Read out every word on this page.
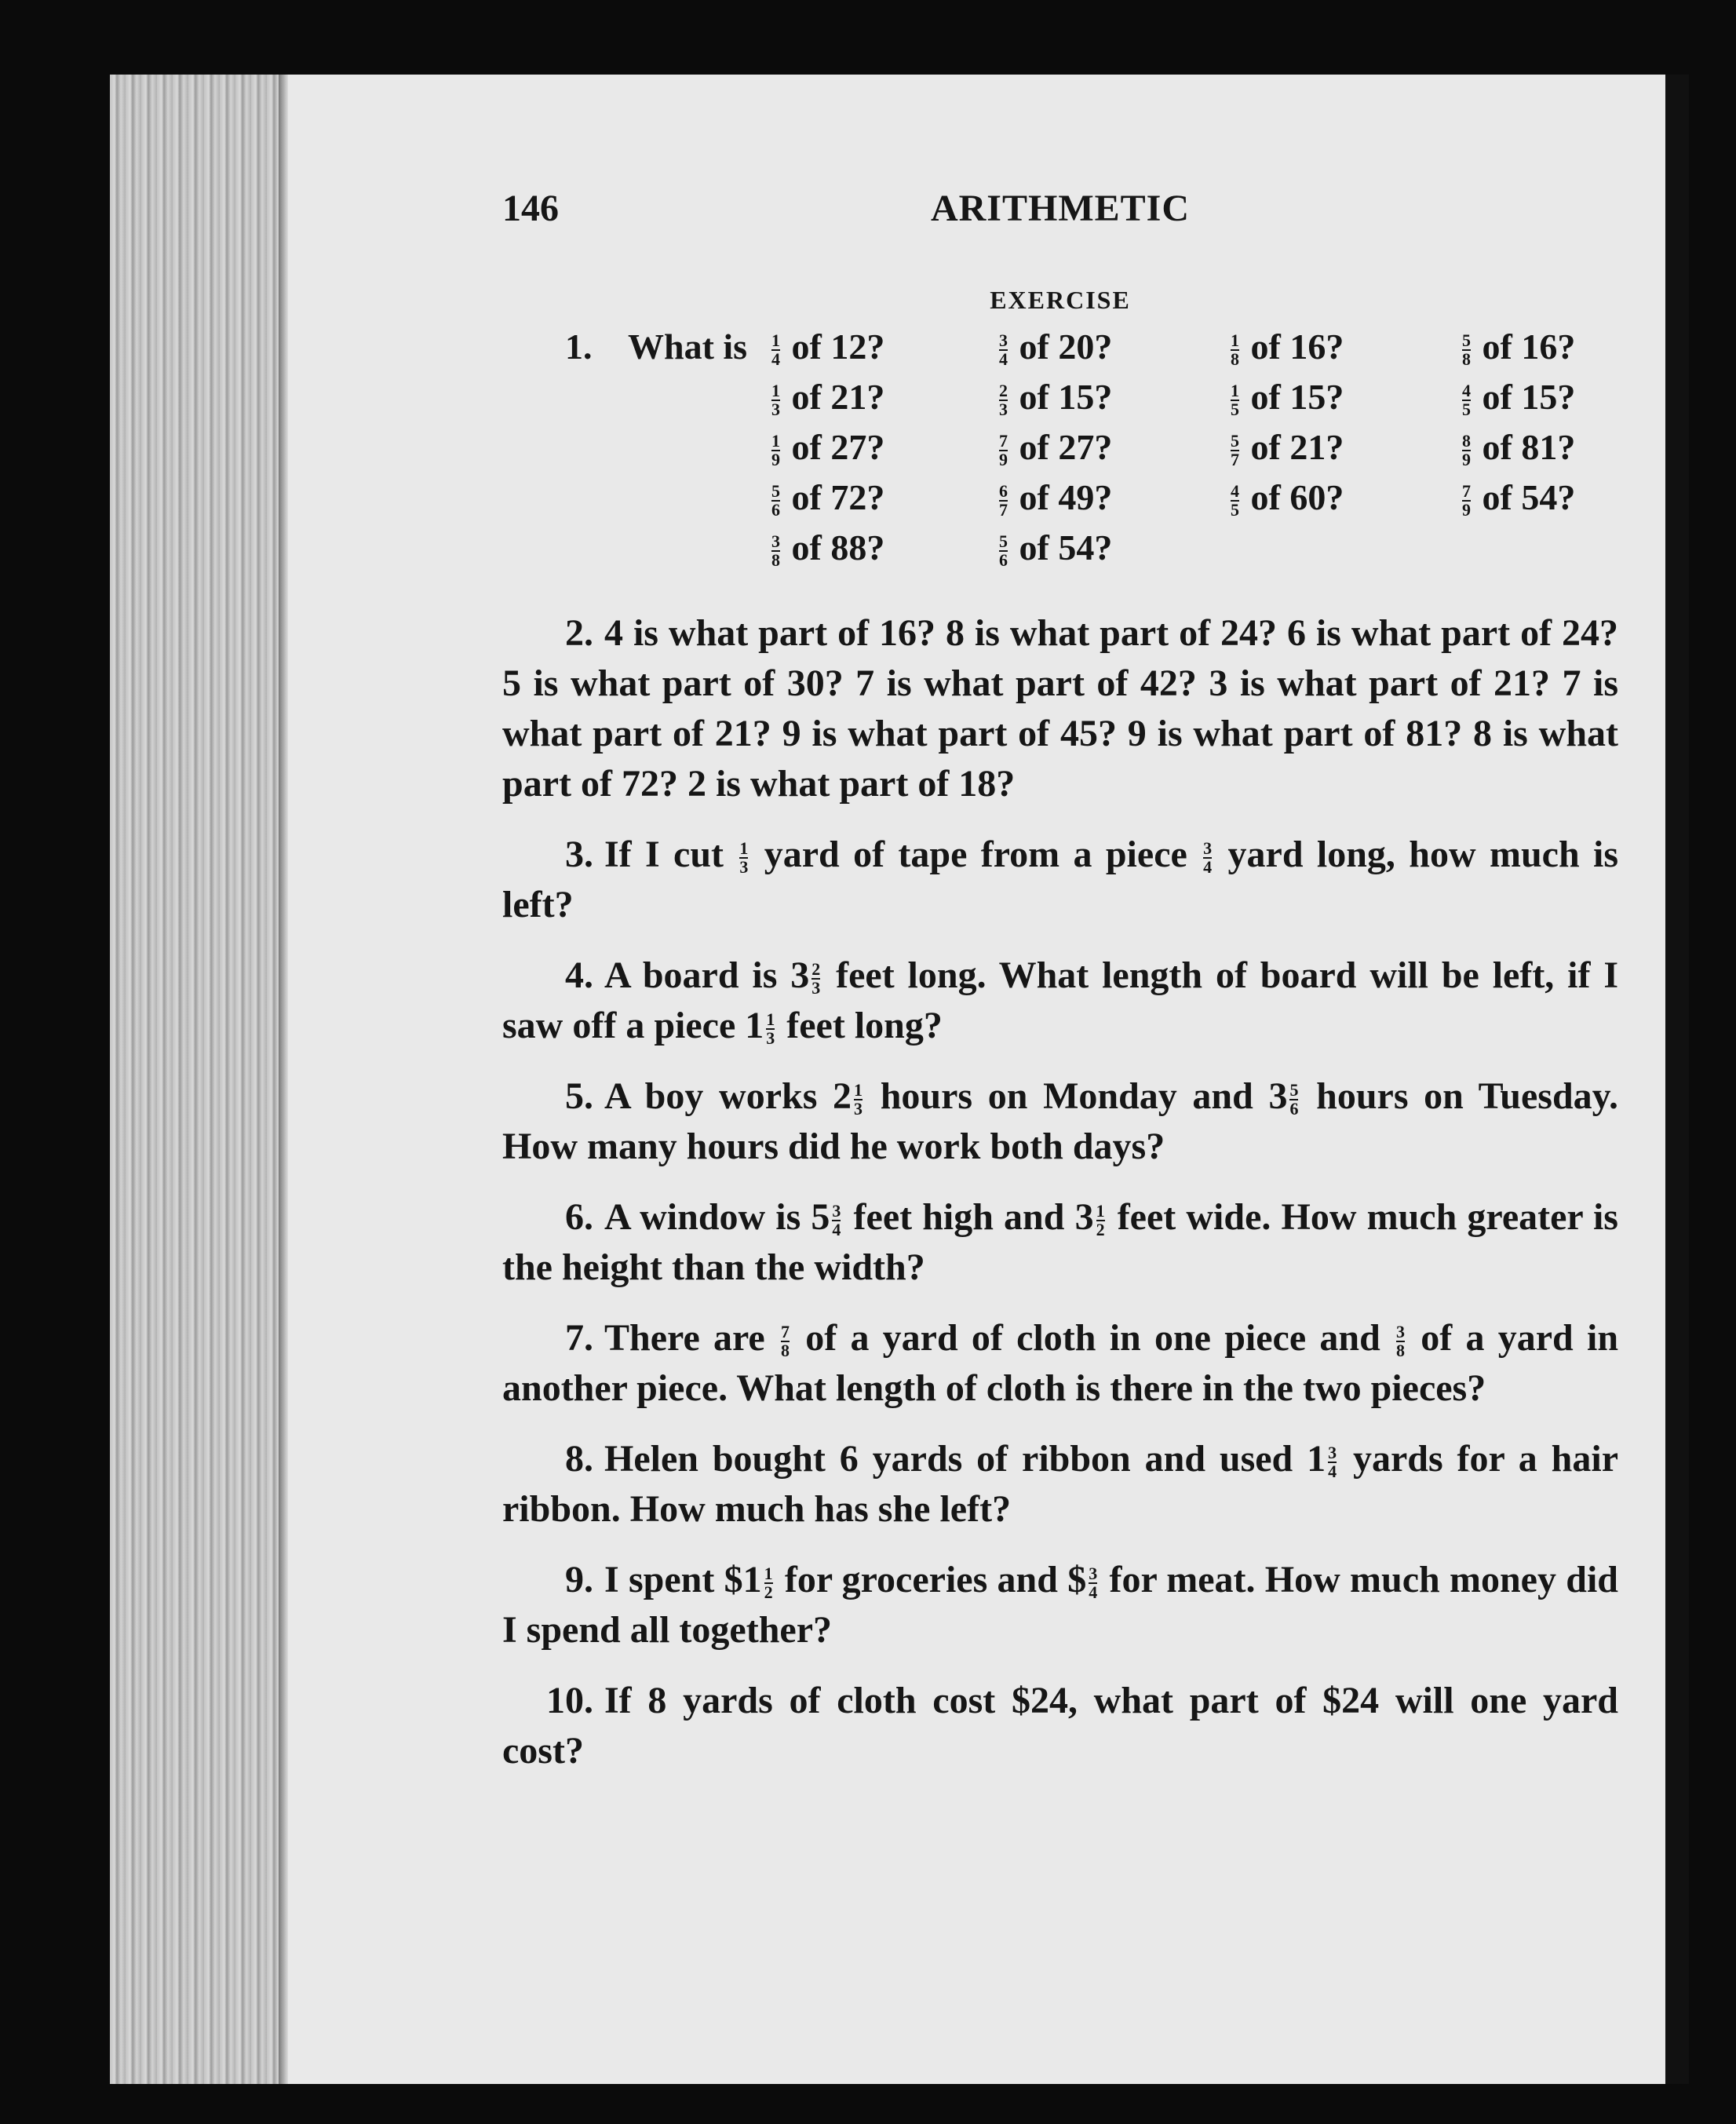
146	ARITHMETIC
EXERCISE
1. What is $\frac{1}{4}$ of 12?	$\frac{3}{4}$ of 20?	$\frac{1}{8}$ of 16?	$\frac{5}{8}$ of 16?
$\frac{1}{3}$ of 21?	$\frac{2}{3}$ of 15?	$\frac{1}{5}$ of 15?	$\frac{4}{5}$ of 15?
$\frac{1}{9}$ of 27?	$\frac{7}{9}$ of 27?	$\frac{5}{7}$ of 21?	$\frac{8}{9}$ of 81?
$\frac{5}{6}$ of 72?	$\frac{6}{7}$ of 49?	$\frac{4}{5}$ of 60?	$\frac{7}{9}$ of 54?
$\frac{3}{8}$ of 88?	$\frac{5}{6}$ of 54?
2. 4 is what part of 16? 8 is what part of 24? 6 is what part of 24? 5 is what part of 30? 7 is what part of 42? 3 is what part of 21? 7 is what part of 21? 9 is what part of 45? 9 is what part of 81? 8 is what part of 72? 2 is what part of 18?
3. If I cut $\frac{1}{3}$ yard of tape from a piece $\frac{3}{4}$ yard long, how much is left?
4. A board is $3 \frac{2}{3}$ feet long. What length of board will be left, if I saw off a piece $1 \frac{1}{3}$ feet long?
5. A boy works $2 \frac{1}{3}$ hours on Monday and $3 \frac{5}{6}$ hours on Tuesday. How many hours did he work both days?
6. A window is $5 \frac{3}{4}$ feet high and $3 \frac{1}{2}$ feet wide. How much greater is the height than the width?
7. There are $\frac{7}{8}$ of a yard of cloth in one piece and $\frac{3}{8}$ of a yard in another piece. What length of cloth is there in the two pieces?
8. Helen bought 6 yards of ribbon and used $1 \frac{3}{4}$ yards for a hair ribbon. How much has she left?
9. I spent $1 $\frac{1}{2}$ for groceries and $ $\frac{3}{4}$ for meat. How much money did I spend all together?
10. If 8 yards of cloth cost $24, what part of $24 will one yard cost?
